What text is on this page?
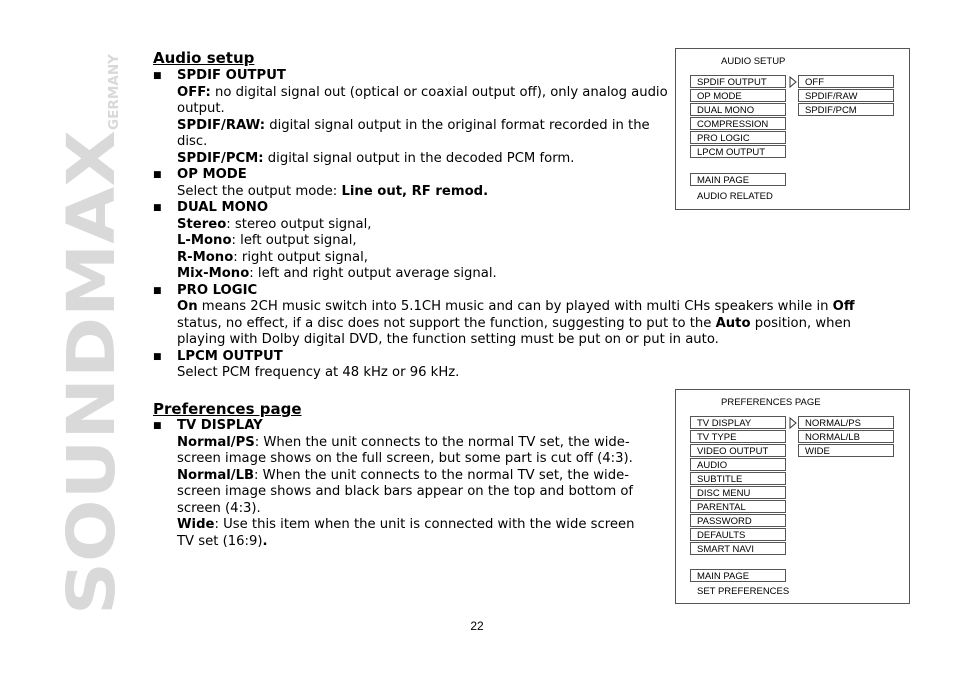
SOUNDMAX
GERMANY Audio setup
■ SPDIF OUTPUT

OFF: no digital signal out (optical or coaxial output off), only analog audio output.

SPDIF/RAW: digital signal output in the original format recorded in the disc.

SPDIF/PCM: digital signal output in the decoded PCM form.

■ OP MODE

Select the output mode: Line out, RF remod.

■ DUAL MONO

Stereo: stereo output signal,

L-Mono: left output signal,

R-Mono: right output signal,

Mix-Mono: left and right output average signal.

■ PRO LOGIC

On means 2CH music switch into 5.1CH music and can by played with multi CHs speakers while in Off status, no effect, if a disc does not support the function, suggesting to put to the Auto position, when playing with Dolby digital DVD, the function setting must be put on or put in auto.

■ LPCM OUTPUT

Select PCM frequency at 48 kHz or 96 kHz.

Preferences page
■ TV DISPLAY

Normal/PS: When the unit connects to the normal TV set, the wide-screen image shows on the full screen, but some part is cut off (4:3).

Normal/LB: When the unit connects to the normal TV set, the wide-screen image shows and black bars appear on the top and bottom of screen (4:3).

Wide: Use this item when the unit is connected with the wide screen TV set (16:9).

AUDIO SETUP
SPDIF OUTPUT
OP MODE
DUAL MONO
COMPRESSION
PRO LOGIC
LPCM OUTPUT
OFF
SPDIF/RAW
SPDIF/PCM
MAIN PAGE
AUDIO RELATED
PREFERENCES PAGE
TV DISPLAY
TV TYPE
VIDEO OUTPUT
AUDIO
SUBTITLE
DISC MENU
PARENTAL
PASSWORD
DEFAULTS
SMART NAVI
NORMAL/PS
NORMAL/LB
WIDE
MAIN PAGE
SET PREFERENCES
22
